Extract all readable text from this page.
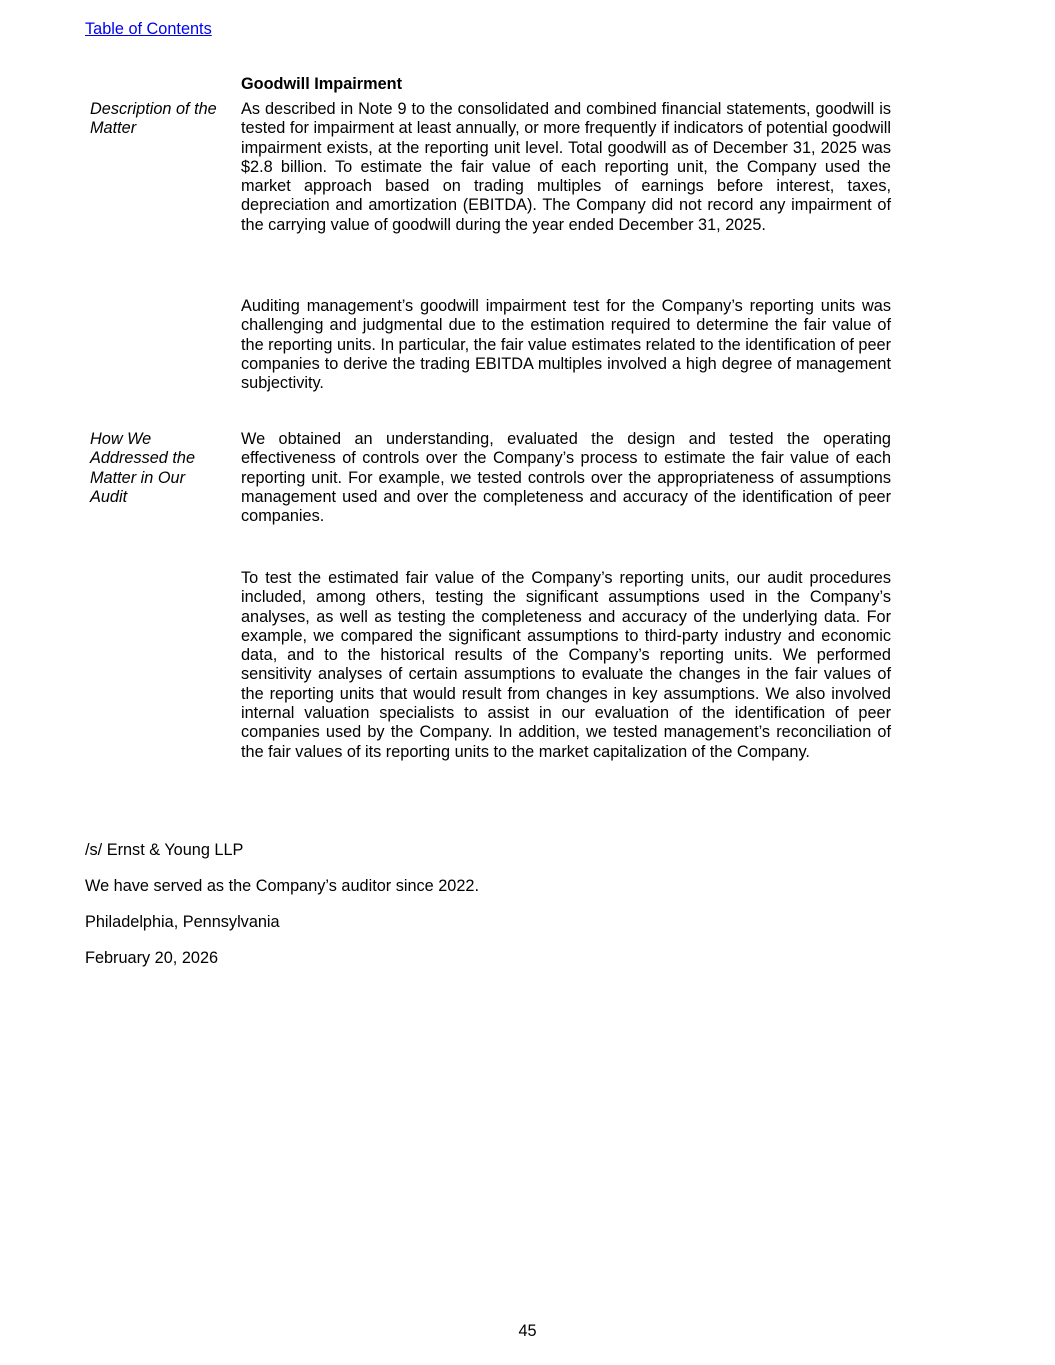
Table of Contents
Goodwill Impairment
Description of the Matter
As described in Note 9 to the consolidated and combined financial statements, goodwill is tested for impairment at least annually, or more frequently if indicators of potential goodwill impairment exists, at the reporting unit level. Total goodwill as of December 31, 2025 was $2.8 billion. To estimate the fair value of each reporting unit, the Company used the market approach based on trading multiples of earnings before interest, taxes, depreciation and amortization (EBITDA). The Company did not record any impairment of the carrying value of goodwill during the year ended December 31, 2025.
Auditing management’s goodwill impairment test for the Company’s reporting units was challenging and judgmental due to the estimation required to determine the fair value of the reporting units. In particular, the fair value estimates related to the identification of peer companies to derive the trading EBITDA multiples involved a high degree of management subjectivity.
How We Addressed the Matter in Our Audit
We obtained an understanding, evaluated the design and tested the operating effectiveness of controls over the Company’s process to estimate the fair value of each reporting unit. For example, we tested controls over the appropriateness of assumptions management used and over the completeness and accuracy of the identification of peer companies.
To test the estimated fair value of the Company’s reporting units, our audit procedures included, among others, testing the significant assumptions used in the Company’s analyses, as well as testing the completeness and accuracy of the underlying data. For example, we compared the significant assumptions to third-party industry and economic data, and to the historical results of the Company’s reporting units. We performed sensitivity analyses of certain assumptions to evaluate the changes in the fair values of the reporting units that would result from changes in key assumptions. We also involved internal valuation specialists to assist in our evaluation of the identification of peer companies used by the Company. In addition, we tested management’s reconciliation of the fair values of its reporting units to the market capitalization of the Company.
/s/ Ernst & Young LLP
We have served as the Company’s auditor since 2022.
Philadelphia, Pennsylvania
February 20, 2026
45
